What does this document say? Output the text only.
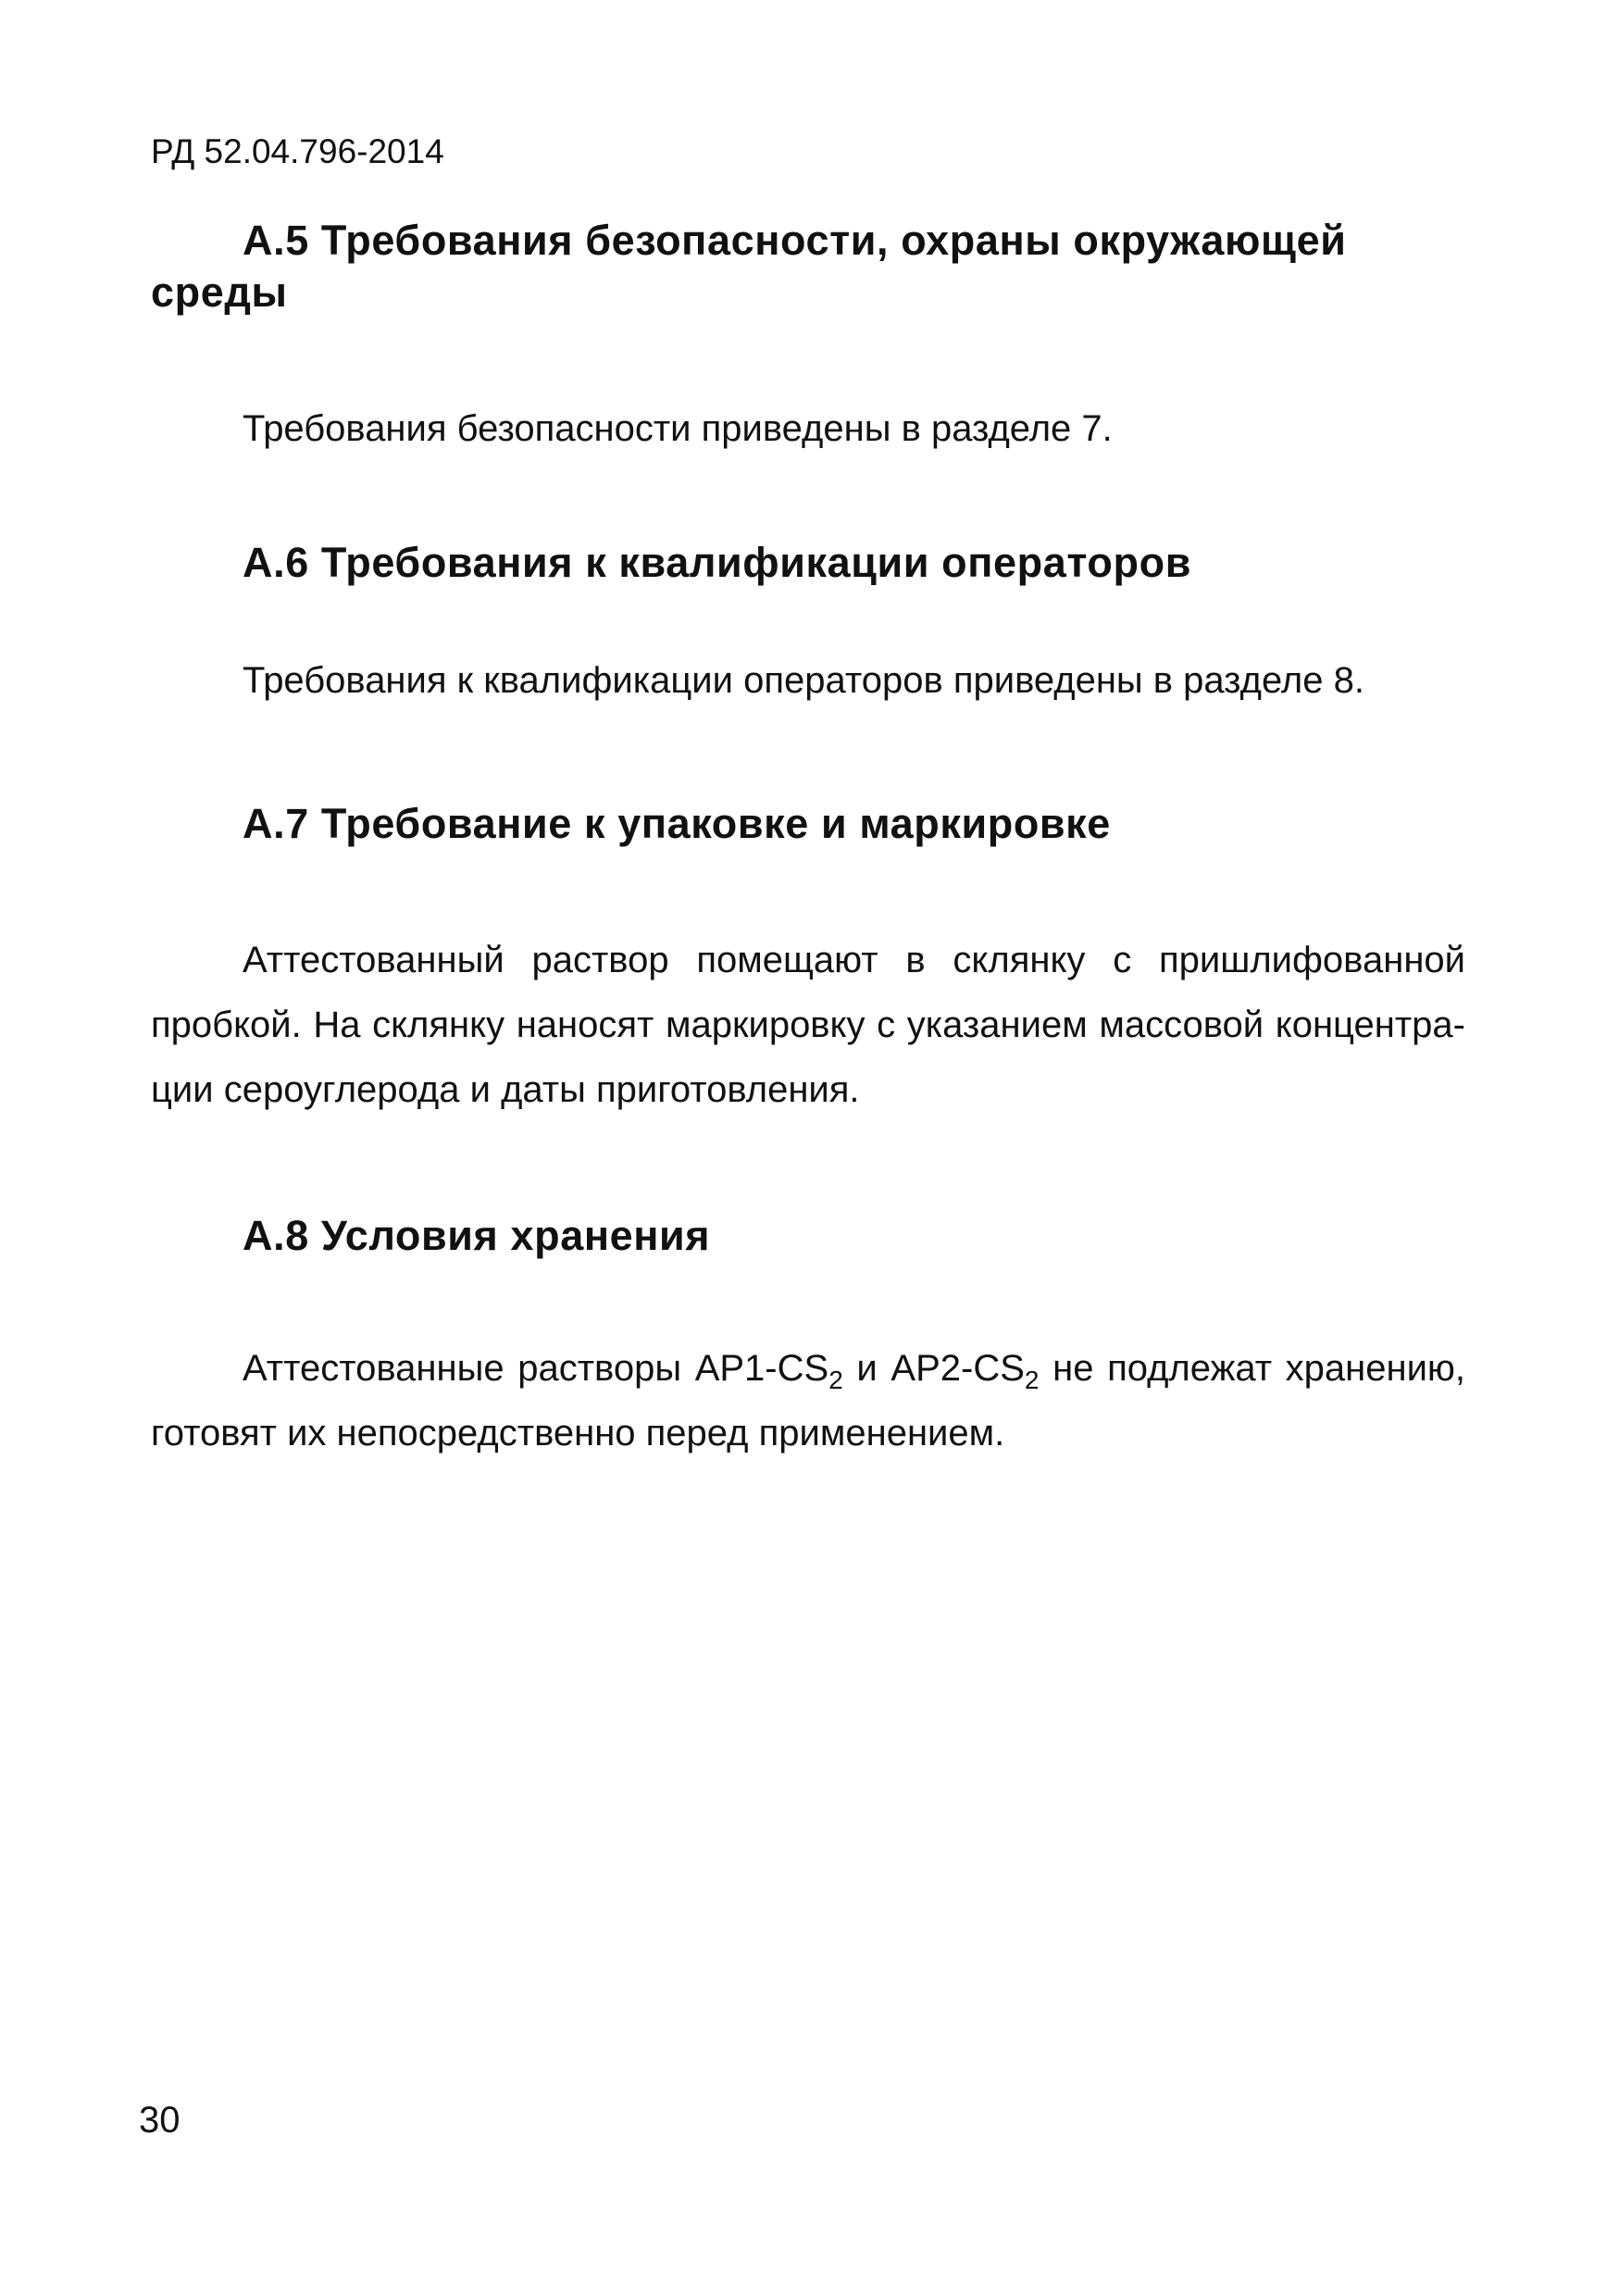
РД 52.04.796-2014
А.5 Требования безопасности, охраны окружающей среды
Требования безопасности приведены в разделе 7.
А.6 Требования к квалификации операторов
Требования к квалификации операторов приведены в разделе 8.
А.7 Требование к упаковке и маркировке
Аттестованный раствор помещают в склянку с пришлифованной
пробкой. На склянку наносят маркировку с указанием массовой концентра-
ции сероуглерода и даты приготовления.
А.8 Условия хранения
Аттестованные растворы $АР1-CS_2$ и $АР2-CS_2$ не подлежат хранению,
готовят их непосредственно перед применением.
30
